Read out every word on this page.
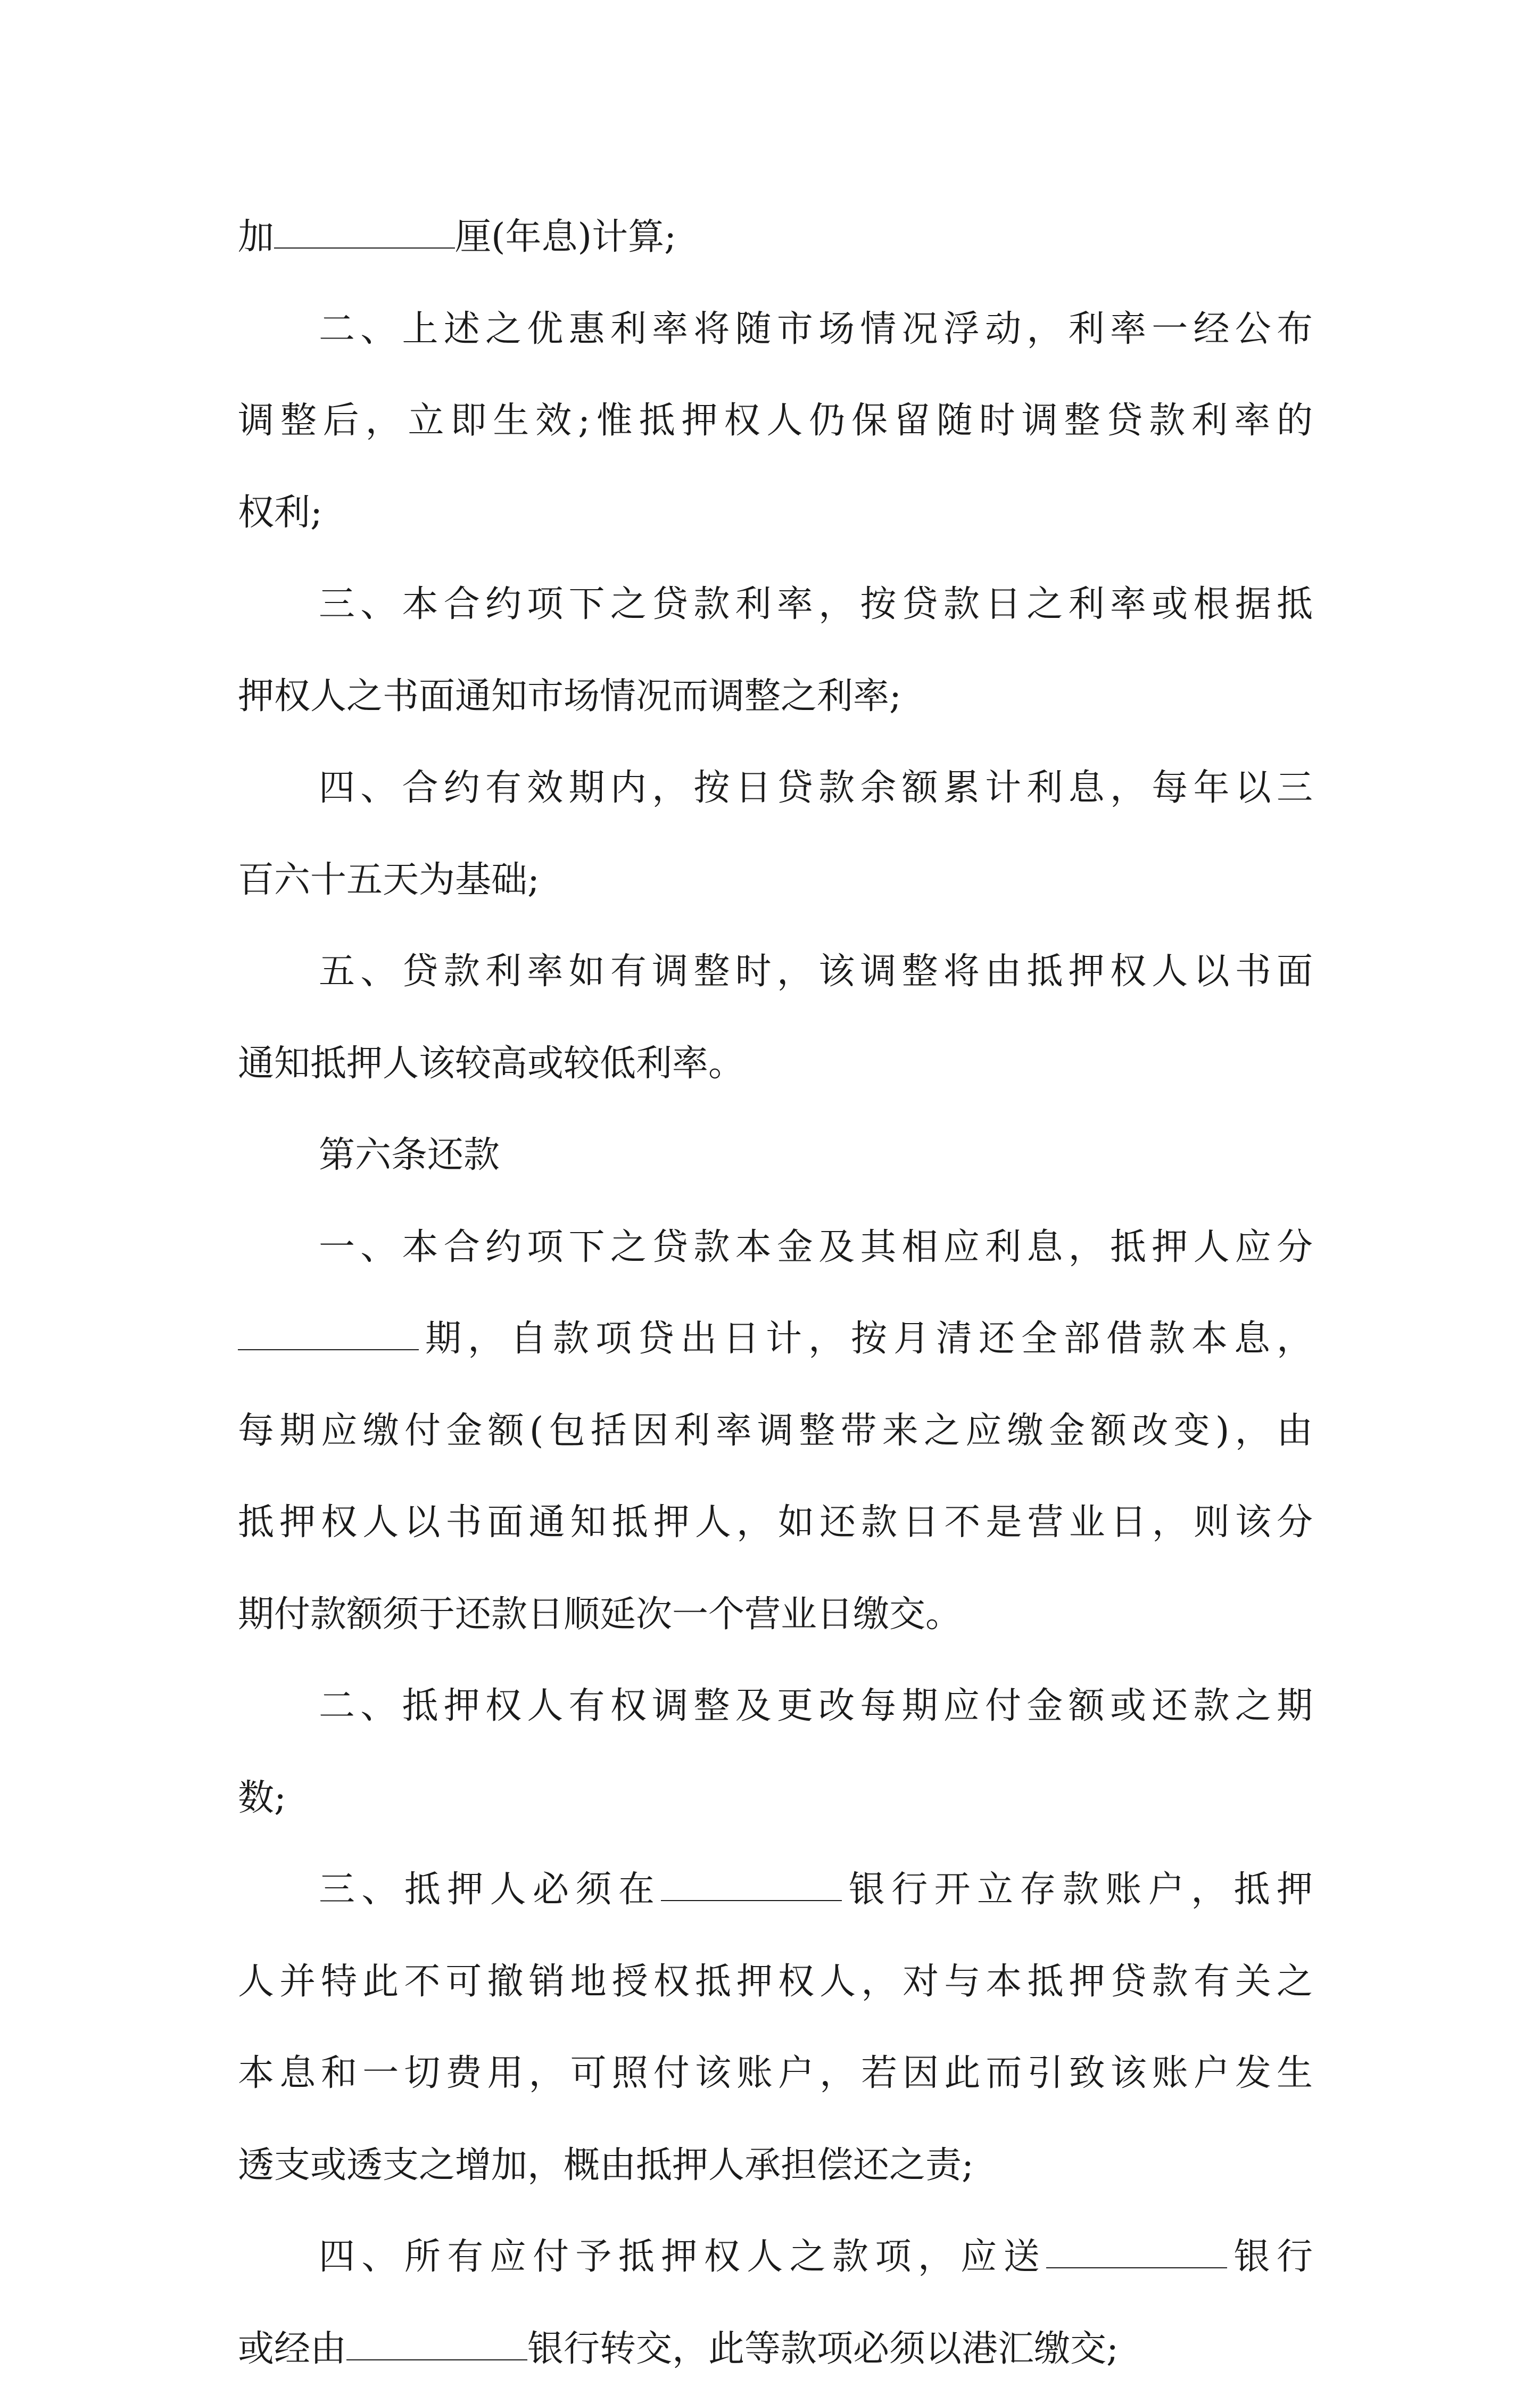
加	厘(年息)计算;
二、上述之优惠利率将随市场情况浮动，利率一经公布
调整后，立即生效;惟抵押权人仍保留随时调整贷款利率的
权利;
三、本合约项下之贷款利率，按贷款日之利率或根据抵
押权人之书面通知市场情况而调整之利率;
四、合约有效期内，按日贷款余额累计利息，每年以三
百六十五天为基础;
五、贷款利率如有调整时，该调整将由抵押权人以书面
通知抵押人该较高或较低利率。
第六条还款
一、本合约项下之贷款本金及其相应利息，抵押人应分
期，自款项贷出日计，按月清还全部借款本息，
每期应缴付金额(包括因利率调整带来之应缴金额改变)，由
抵押权人以书面通知抵押人，如还款日不是营业日，则该分
期付款额须于还款日顺延次一个营业日缴交。
二、抵押权人有权调整及更改每期应付金额或还款之期
数;
三、抵押人必须在	银行开立存款账户，抵押
人并特此不可撤销地授权抵押权人，对与本抵押贷款有关之
本息和一切费用，可照付该账户，若因此而引致该账户发生
透支或透支之增加，概由抵押人承担偿还之责;
四、所有应付予抵押权人之款项，应送	银行
或经由	银行转交，此等款项必须以港汇缴交;
